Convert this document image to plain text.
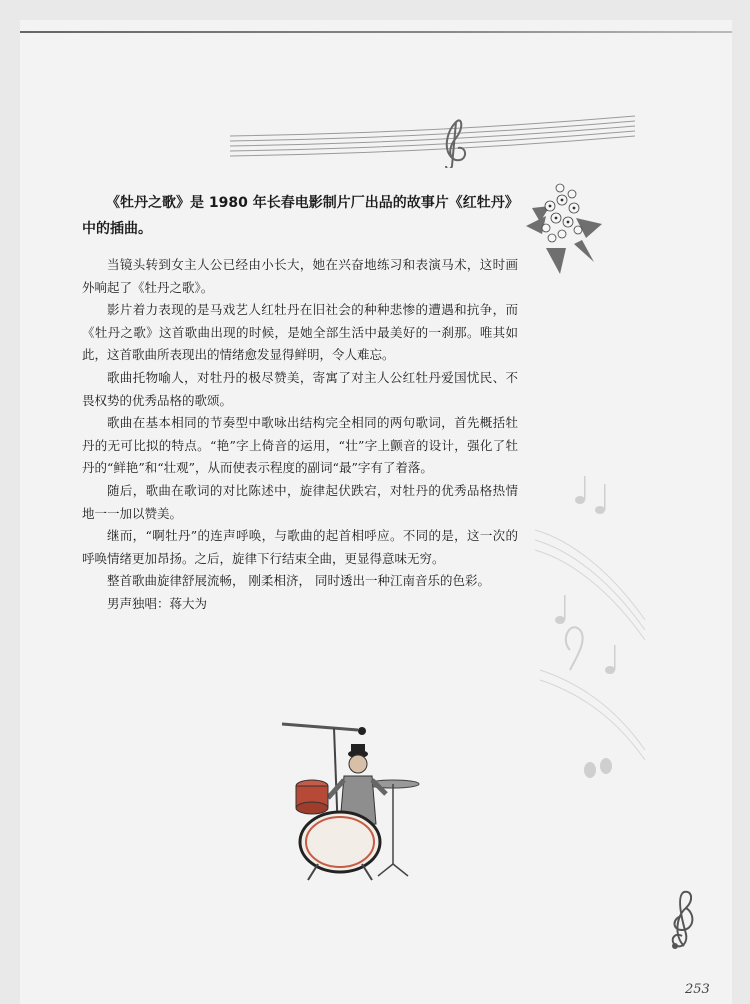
《牡丹之歌》是 1980 年长春电影制片厂出品的故事片《红牡丹》中的插曲。

当镜头转到女主人公已经由小长大，她在兴奋地练习和表演马术，这时画外响起了《牡丹之歌》。

影片着力表现的是马戏艺人红牡丹在旧社会的种种悲惨的遭遇和抗争，而《牡丹之歌》这首歌曲出现的时候，是她全部生活中最美好的一刹那。唯其如此，这首歌曲所表现出的情绪愈发显得鲜明，令人难忘。

歌曲托物喻人，对牡丹的极尽赞美，寄寓了对主人公红牡丹爱国忧民、不畏权势的优秀品格的歌颂。

歌曲在基本相同的节奏型中歌咏出结构完全相同的两句歌词，首先概括牡丹的无可比拟的特点。“艳”字上倚音的运用，“壮”字上颤音的设计，强化了牡丹的“鲜艳”和“壮观”，从而使表示程度的副词“最”字有了着落。

随后，歌曲在歌词的对比陈述中，旋律起伏跌宕，对牡丹的优秀品格热情地一一加以赞美。

继而，“啊牡丹”的连声呼唤，与歌曲的起首相呼应。不同的是，这一次的呼唤情绪更加昂扬。之后，旋律下行结束全曲，更显得意味无穷。

整首歌曲旋律舒展流畅， 刚柔相济， 同时透出一种江南音乐的色彩。

男声独唱：蒋大为

253
